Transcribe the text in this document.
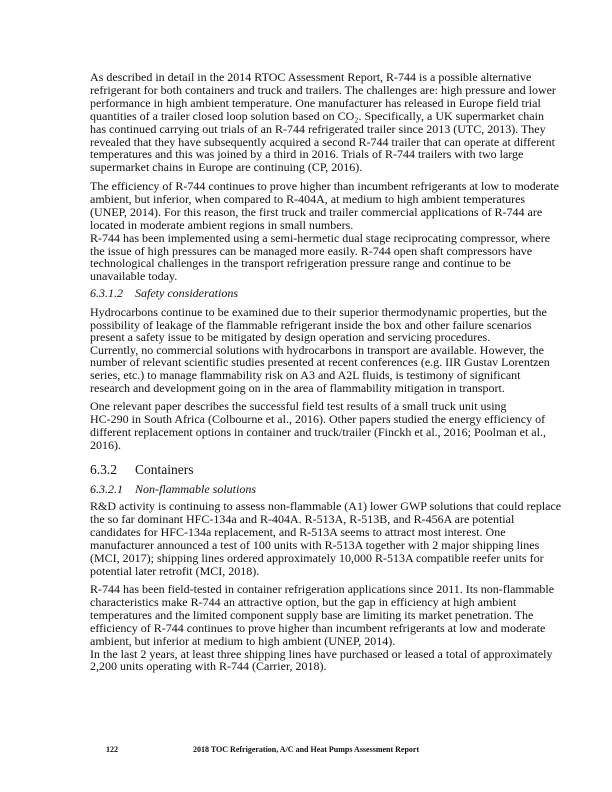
As described in detail in the 2014 RTOC Assessment Report, R-744 is a possible alternative
refrigerant for both containers and truck and trailers. The challenges are: high pressure and lower
performance in high ambient temperature. One manufacturer has released in Europe field trial
quantities of a trailer closed loop solution based on CO₂. Specifically, a UK supermarket chain
has continued carrying out trials of an R-744 refrigerated trailer since 2013 (UTC, 2013). They
revealed that they have subsequently acquired a second R-744 trailer that can operate at different
temperatures and this was joined by a third in 2016. Trials of R-744 trailers with two large
supermarket chains in Europe are continuing (CP, 2016).
The efficiency of R-744 continues to prove higher than incumbent refrigerants at low to moderate
ambient, but inferior, when compared to R-404A, at medium to high ambient temperatures
(UNEP, 2014). For this reason, the first truck and trailer commercial applications of R-744 are
located in moderate ambient regions in small numbers.
R-744 has been implemented using a semi-hermetic dual stage reciprocating compressor, where
the issue of high pressures can be managed more easily. R-744 open shaft compressors have
technological challenges in the transport refrigeration pressure range and continue to be
unavailable today.
6.3.1.2 Safety considerations
Hydrocarbons continue to be examined due to their superior thermodynamic properties, but the
possibility of leakage of the flammable refrigerant inside the box and other failure scenarios
present a safety issue to be mitigated by design operation and servicing procedures.
Currently, no commercial solutions with hydrocarbons in transport are available. However, the
number of relevant scientific studies presented at recent conferences (e.g. IIR Gustav Lorentzen
series, etc.) to manage flammability risk on A3 and A2L fluids, is testimony of significant
research and development going on in the area of flammability mitigation in transport.
One relevant paper describes the successful field test results of a small truck unit using
HC-290 in South Africa (Colbourne et al., 2016). Other papers studied the energy efficiency of
different replacement options in container and truck/trailer (Finckh et al., 2016; Poolman et al.,
2016).
6.3.2 Containers
6.3.2.1 Non-flammable solutions
R&D activity is continuing to assess non-flammable (A1) lower GWP solutions that could replace
the so far dominant HFC-134a and R-404A. R-513A, R-513B, and R-456A are potential
candidates for HFC-134a replacement, and R-513A seems to attract most interest. One
manufacturer announced a test of 100 units with R-513A together with 2 major shipping lines
(MCI, 2017); shipping lines ordered approximately 10,000 R-513A compatible reefer units for
potential later retrofit (MCI, 2018).
R-744 has been field-tested in container refrigeration applications since 2011. Its non-flammable
characteristics make R-744 an attractive option, but the gap in efficiency at high ambient
temperatures and the limited component supply base are limiting its market penetration. The
efficiency of R-744 continues to prove higher than incumbent refrigerants at low and moderate
ambient, but inferior at medium to high ambient (UNEP, 2014).
In the last 2 years, at least three shipping lines have purchased or leased a total of approximately
2,200 units operating with R-744 (Carrier, 2018).
122	2018 TOC Refrigeration, A/C and Heat Pumps Assessment Report
